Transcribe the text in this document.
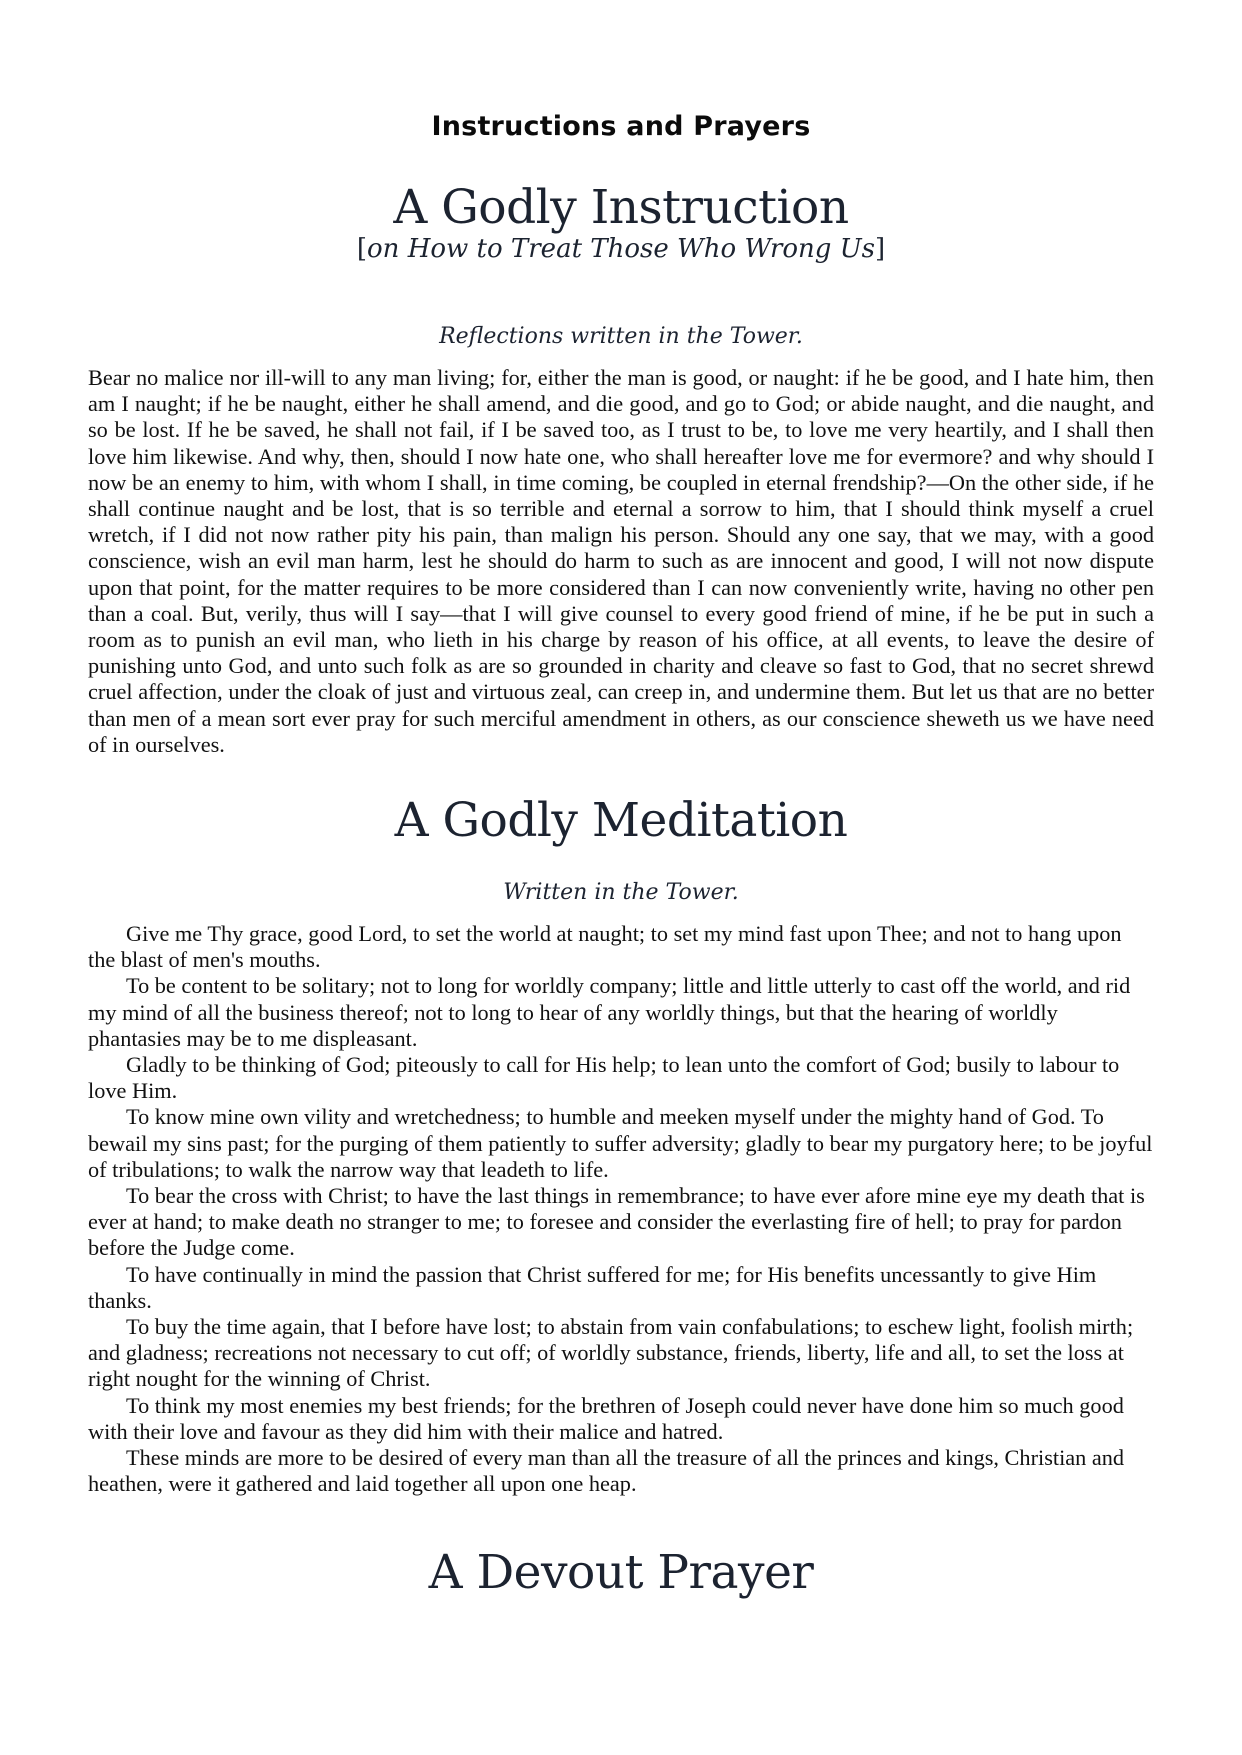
Instructions and Prayers
A Godly Instruction
[on How to Treat Those Who Wrong Us]
Reflections written in the Tower.

Bear no malice nor ill-will to any man living; for, either the man is good, or naught: if he be good, and I hate him, then am I naught; if he be naught, either he shall amend, and die good, and go to God; or abide naught, and die naught, and so be lost. If he be saved, he shall not fail, if I be saved too, as I trust to be, to love me very heartily, and I shall then love him likewise. And why, then, should I now hate one, who shall hereafter love me for evermore? and why should I now be an enemy to him, with whom I shall, in time coming, be coupled in eternal frendship?—On the other side, if he shall continue naught and be lost, that is so terrible and eternal a sorrow to him, that I should think myself a cruel wretch, if I did not now rather pity his pain, than malign his person. Should any one say, that we may, with a good conscience, wish an evil man harm, lest he should do harm to such as are innocent and good, I will not now dispute upon that point, for the matter requires to be more considered than I can now conveniently write, having no other pen than a coal. But, verily, thus will I say—that I will give counsel to every good friend of mine, if he be put in such a room as to punish an evil man, who lieth in his charge by reason of his office, at all events, to leave the desire of punishing unto God, and unto such folk as are so grounded in charity and cleave so fast to God, that no secret shrewd cruel affection, under the cloak of just and virtuous zeal, can creep in, and undermine them. But let us that are no better than men of a mean sort ever pray for such merciful amendment in others, as our conscience sheweth us we have need of in ourselves.

A Godly Meditation
Written in the Tower.

Give me Thy grace, good Lord, to set the world at naught; to set my mind fast upon Thee; and not to hang upon the blast of men's mouths.

To be content to be solitary; not to long for worldly company; little and little utterly to cast off the world, and rid my mind of all the business thereof; not to long to hear of any worldly things, but that the hearing of worldly phantasies may be to me displeasant.

Gladly to be thinking of God; piteously to call for His help; to lean unto the comfort of God; busily to labour to love Him.

To know mine own vility and wretchedness; to humble and meeken myself under the mighty hand of God. To bewail my sins past; for the purging of them patiently to suffer adversity; gladly to bear my purgatory here; to be joyful of tribulations; to walk the narrow way that leadeth to life.

To bear the cross with Christ; to have the last things in remembrance; to have ever afore mine eye my death that is ever at hand; to make death no stranger to me; to foresee and consider the everlasting fire of hell; to pray for pardon before the Judge come.

To have continually in mind the passion that Christ suffered for me; for His benefits uncessantly to give Him thanks.

To buy the time again, that I before have lost; to abstain from vain confabulations; to eschew light, foolish mirth; and gladness; recreations not necessary to cut off; of worldly substance, friends, liberty, life and all, to set the loss at right nought for the winning of Christ.

To think my most enemies my best friends; for the brethren of Joseph could never have done him so much good with their love and favour as they did him with their malice and hatred.

These minds are more to be desired of every man than all the treasure of all the princes and kings, Christian and heathen, were it gathered and laid together all upon one heap.

A Devout Prayer
